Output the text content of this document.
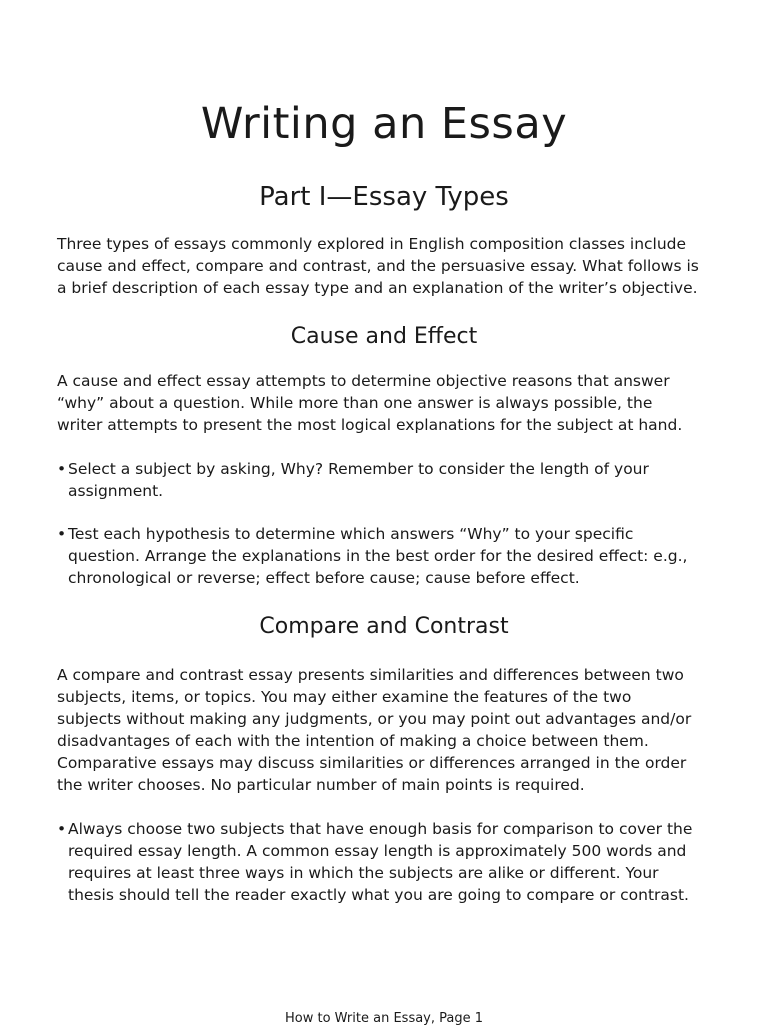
Writing an Essay
Part I—Essay Types

Three types of essays commonly explored in English composition classes include
cause and effect, compare and contrast, and the persuasive essay. What follows is
a brief description of each essay type and an explanation of the writer’s objective.

Cause and Effect

A cause and effect essay attempts to determine objective reasons that answer
“why” about a question. While more than one answer is always possible, the
writer attempts to present the most logical explanations for the subject at hand.

• Select a subject by asking, Why? Remember to consider the length of your
assignment.
• Test each hypothesis to determine which answers “Why” to your specific
question. Arrange the explanations in the best order for the desired effect: e.g.,
chronological or reverse; effect before cause; cause before effect.
Compare and Contrast

A compare and contrast essay presents similarities and differences between two
subjects, items, or topics. You may either examine the features of the two
subjects without making any judgments, or you may point out advantages and/or
disadvantages of each with the intention of making a choice between them.
Comparative essays may discuss similarities or differences arranged in the order
the writer chooses. No particular number of main points is required.

• Always choose two subjects that have enough basis for comparison to cover the
required essay length. A common essay length is approximately 500 words and
requires at least three ways in which the subjects are alike or different. Your
thesis should tell the reader exactly what you are going to compare or contrast.

How to Write an Essay, Page 1
